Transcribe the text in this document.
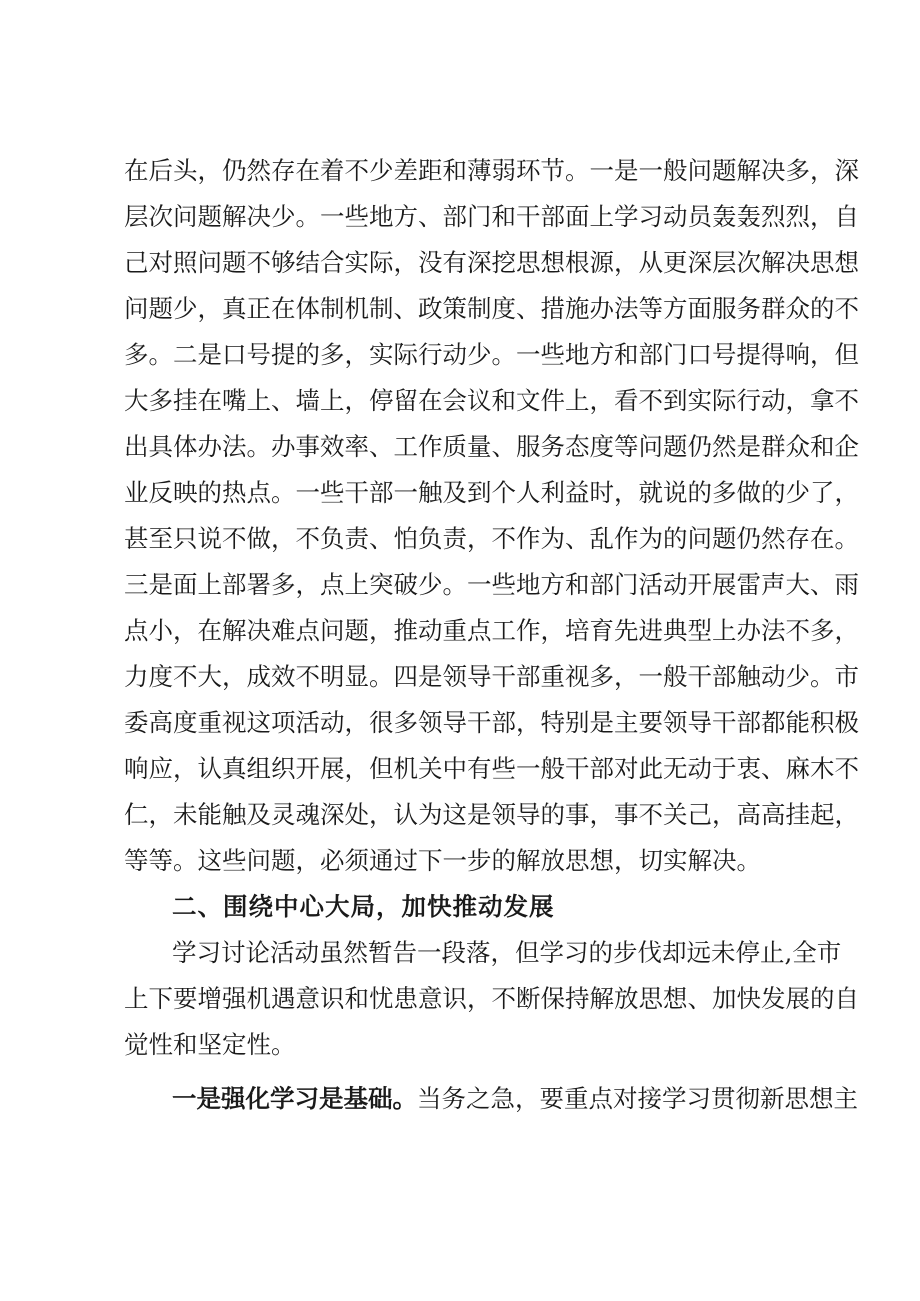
在后头，仍然存在着不少差距和薄弱环节。一是一般问题解决多，深
层次问题解决少。一些地方、部门和干部面上学习动员轰轰烈烈，自
己对照问题不够结合实际，没有深挖思想根源，从更深层次解决思想
问题少，真正在体制机制、政策制度、措施办法等方面服务群众的不
多。二是口号提的多，实际行动少。一些地方和部门口号提得响，但
大多挂在嘴上、墙上，停留在会议和文件上，看不到实际行动，拿不
出具体办法。办事效率、工作质量、服务态度等问题仍然是群众和企
业反映的热点。一些干部一触及到个人利益时，就说的多做的少了，
甚至只说不做，不负责、怕负责，不作为、乱作为的问题仍然存在。
三是面上部署多，点上突破少。一些地方和部门活动开展雷声大、雨
点小，在解决难点问题，推动重点工作，培育先进典型上办法不多，
力度不大，成效不明显。四是领导干部重视多，一般干部触动少。市
委高度重视这项活动，很多领导干部，特别是主要领导干部都能积极
响应，认真组织开展，但机关中有些一般干部对此无动于衷、麻木不
仁，未能触及灵魂深处，认为这是领导的事，事不关己，高高挂起，
等等。这些问题，必须通过下一步的解放思想，切实解决。
二、围绕中心大局，加快推动发展
学习讨论活动虽然暂告一段落，但学习的步伐却远未停止,全市
上下要增强机遇意识和忧患意识，不断保持解放思想、加快发展的自
觉性和坚定性。
一是强化学习是基础。当务之急，要重点对接学习贯彻新思想主
